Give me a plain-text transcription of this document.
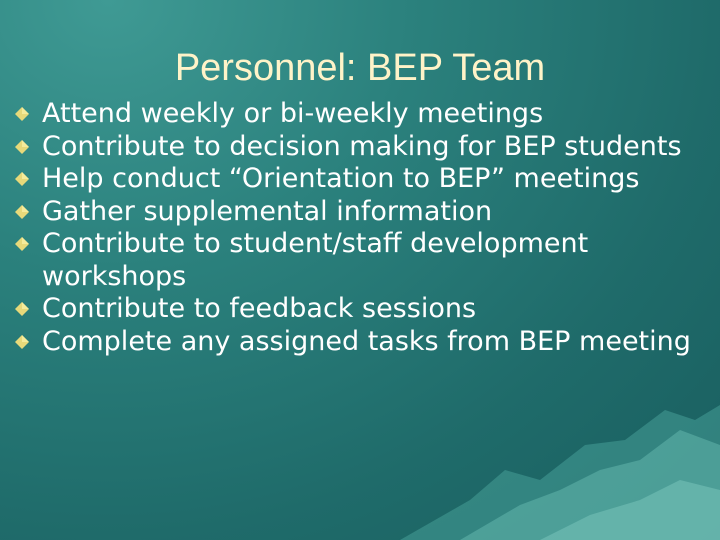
Personnel: BEP Team
Attend weekly or bi-weekly meetings
Contribute to decision making for BEP students
Help conduct “Orientation to BEP” meetings
Gather supplemental information
Contribute to student/staff development workshops
Contribute to feedback sessions
Complete any assigned tasks from BEP meeting
